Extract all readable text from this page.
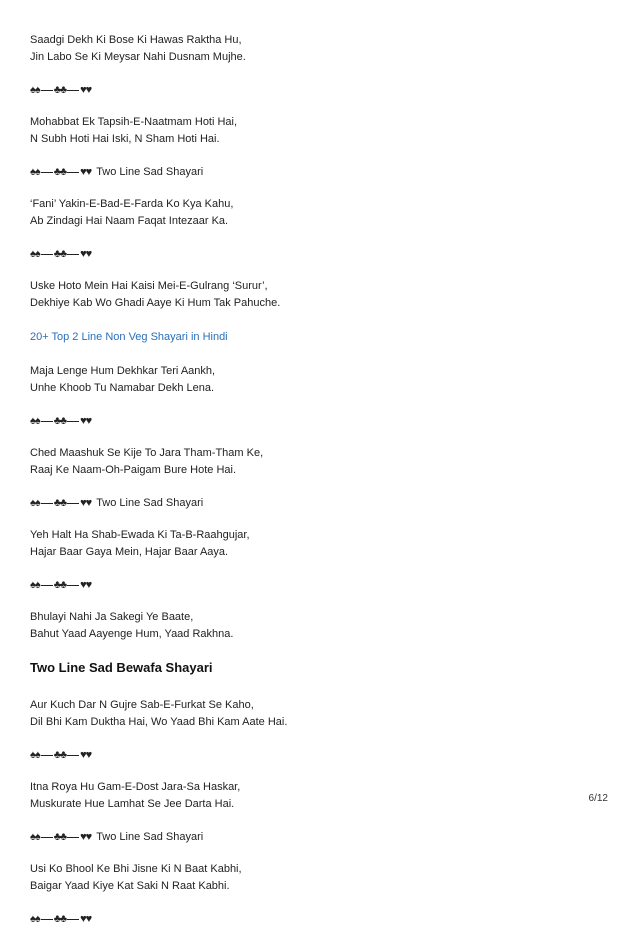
Saadgi Dekh Ki Bose Ki Hawas Raktha Hu,
Jin Labo Se Ki Meysar Nahi Dusnam Mujhe.
♠♠ ♣♣ ♥♥
Mohabbat Ek Tapsih-E-Naatmam Hoti Hai,
N Subh Hoti Hai Iski, N Sham Hoti Hai.
♠♠ ♣♣ ♥♥ Two Line Sad Shayari
‘Fani’ Yakin-E-Bad-E-Farda Ko Kya Kahu,
Ab Zindagi Hai Naam Faqat Intezaar Ka.
♠♠ ♣♣ ♥♥
Uske Hoto Mein Hai Kaisi Mei-E-Gulrang ‘Surur’,
Dekhiye Kab Wo Ghadi Aaye Ki Hum Tak Pahuche.
20+ Top 2 Line Non Veg Shayari in Hindi
Maja Lenge Hum Dekhkar Teri Aankh,
Unhe Khoob Tu Namabar Dekh Lena.
♠♠ ♣♣ ♥♥
Ched Maashuk Se Kije To Jara Tham-Tham Ke,
Raaj Ke Naam-Oh-Paigam Bure Hote Hai.
♠♠ ♣♣ ♥♥ Two Line Sad Shayari
Yeh Halt Ha Shab-Ewada Ki Ta-B-Raahgujar,
Hajar Baar Gaya Mein, Hajar Baar Aaya.
♠♠ ♣♣ ♥♥
Bhulayi Nahi Ja Sakegi Ye Baate,
Bahut Yaad Aayenge Hum, Yaad Rakhna.
Two Line Sad Bewafa Shayari
Aur Kuch Dar N Gujre Sab-E-Furkat Se Kaho,
Dil Bhi Kam Duktha Hai, Wo Yaad Bhi Kam Aate Hai.
♠♠ ♣♣ ♥♥
Itna Roya Hu Gam-E-Dost Jara-Sa Haskar,
Muskurate Hue Lamhat Se Jee Darta Hai.
♠♠ ♣♣ ♥♥ Two Line Sad Shayari
Usi Ko Bhool Ke Bhi Jisne Ki N Baat Kabhi,
Baigar Yaad Kiye Kat Saki N Raat Kabhi.
♠♠ ♣♣ ♥♥
6/12
